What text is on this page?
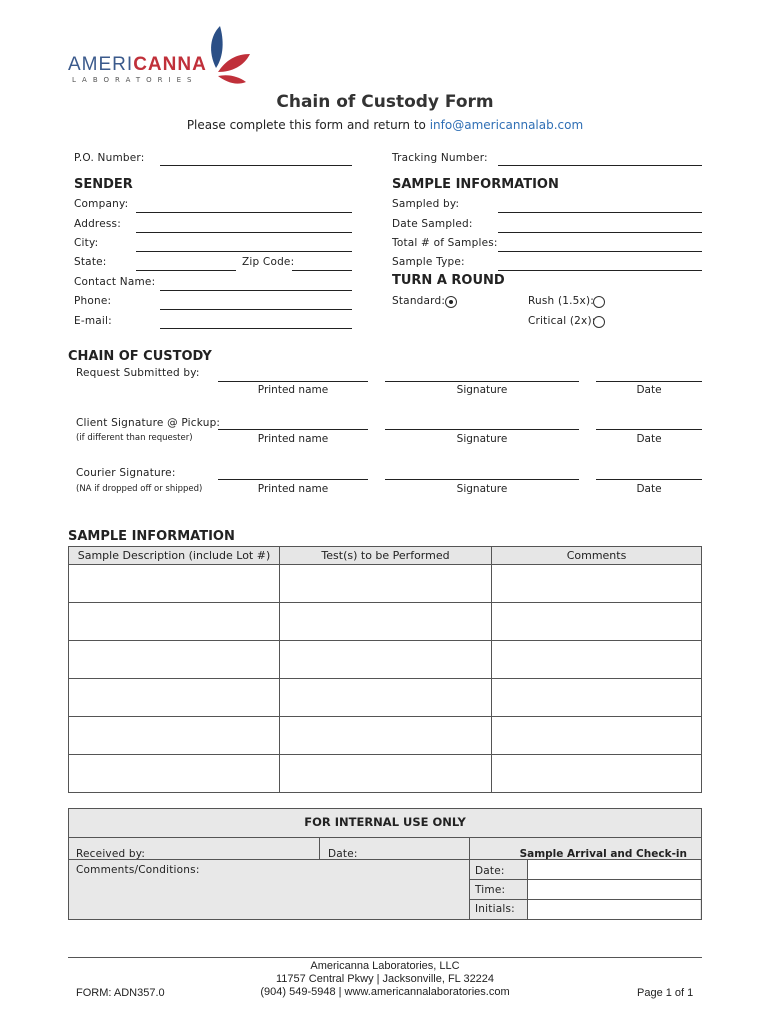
AMERICANNA
LABORATORIES
Chain of Custody Form
Please complete this form and return to info@americannalab.com
P.O. Number:	Tracking Number:
SENDER
Company:
Address:
City:
State:	Zip Code:
Contact Name:
Phone:
E-mail:
SAMPLE INFORMATION
Sampled by:
Date Sampled:
Total # of Samples:
Sample Type:
TURN A ROUND
Standard:	Rush (1.5x):
Critical (2x):
CHAIN OF CUSTODY
Request Submitted by:
Printed name	Signature	Date
Client Signature @ Pickup:
(if different than requester)	Printed name	Signature	Date
Courier Signature:
(NA if dropped off or shipped)	Printed name	Signature	Date
SAMPLE INFORMATION
Sample Description (include Lot #)	Test(s) to be Performed	Comments

FOR INTERNAL USE ONLY
Received by:	Date:
Comments/Conditions:
Sample Arrival and Check-in
Date:
Time:
Initials:
FORM: ADN357.0
Americanna Laboratories, LLC
11757 Central Pkwy | Jacksonville, FL 32224
(904) 549-5948 | www.americannalaboratories.com	Page 1 of 1
